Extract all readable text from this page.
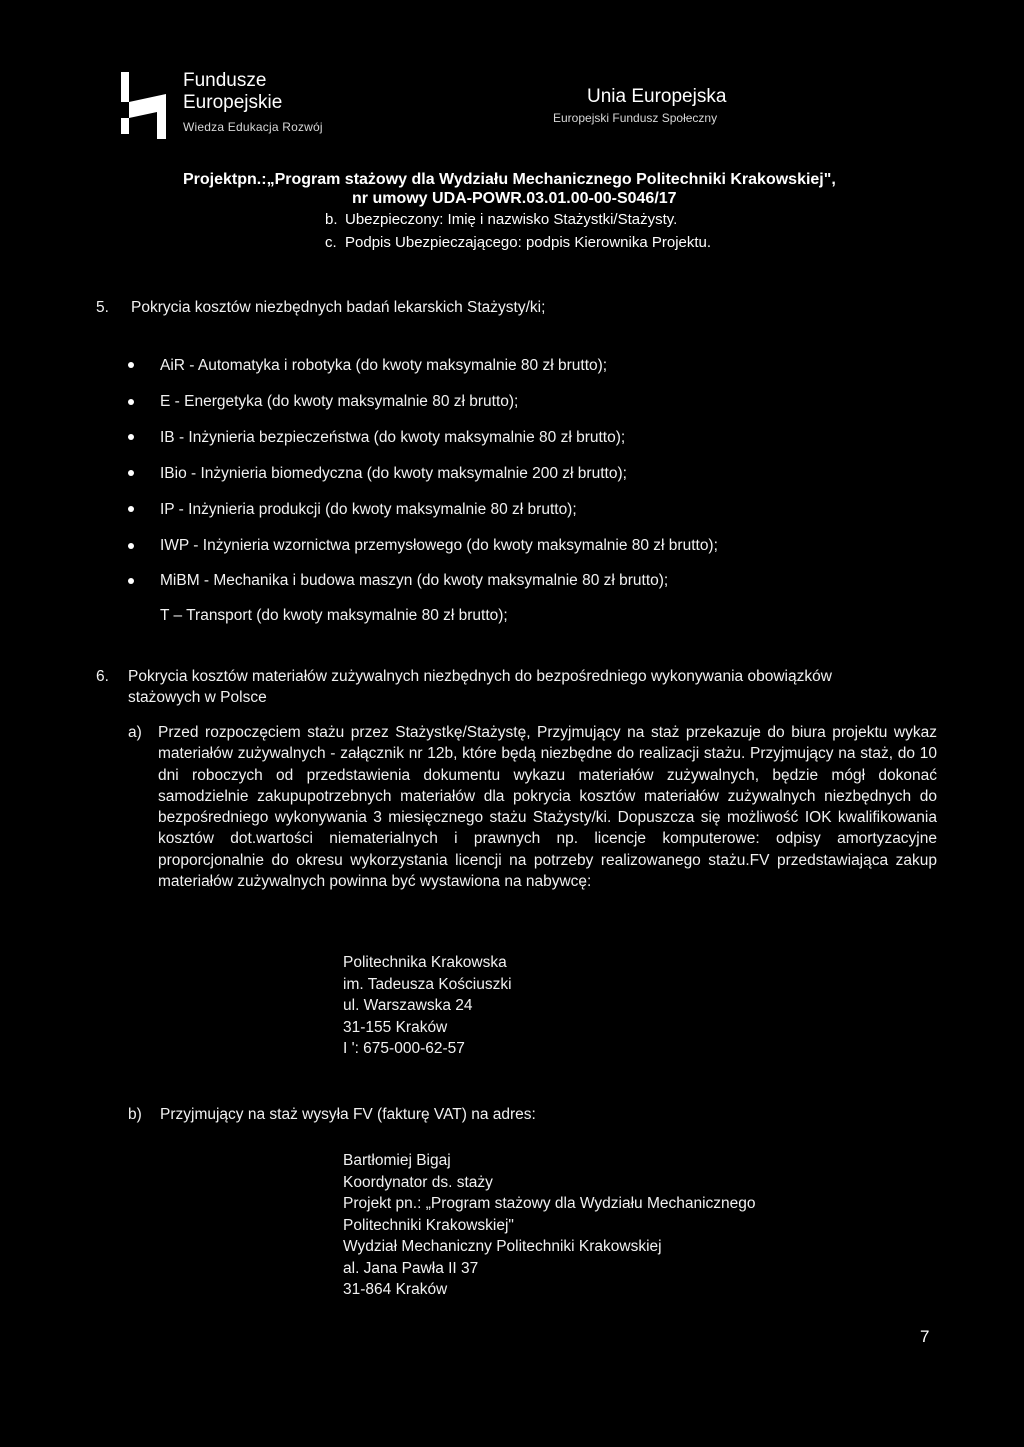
Fundusze
Europejskie
Wiedza Edukacja Rozwój
Unia Europejska
Europejski Fundusz Społeczny
Projektpn.:„Program stażowy dla Wydziału Mechanicznego Politechniki Krakowskiej",
nr umowy UDA-POWR.03.01.00-00-S046/17
b. Ubezpieczony: Imię i nazwisko Stażystki/Stażysty.
c. Podpis Ubezpieczającego: podpis Kierownika Projektu.
5. Pokrycia kosztów niezbędnych badań lekarskich Stażysty/ki;
AiR - Automatyka i robotyka (do kwoty maksymalnie 80 zł brutto);
E - Energetyka (do kwoty maksymalnie 80 zł brutto);
IB - Inżynieria bezpieczeństwa (do kwoty maksymalnie 80 zł brutto);
IBio - Inżynieria biomedyczna (do kwoty maksymalnie 200 zł brutto);
IP - Inżynieria produkcji (do kwoty maksymalnie 80 zł brutto);
IWP - Inżynieria wzornictwa przemysłowego (do kwoty maksymalnie 80 zł brutto);
MiBM - Mechanika i budowa maszyn (do kwoty maksymalnie 80 zł brutto);
T – Transport (do kwoty maksymalnie 80 zł brutto);
6. Pokrycia kosztów materiałów zużywalnych niezbędnych do bezpośredniego wykonywania obowiązków
stażowych w Polsce
a) Przed rozpoczęciem stażu przez Stażystkę/Stażystę, Przyjmujący na staż przekazuje do biura projektu wykaz materiałów zużywalnych - załącznik nr 12b, które będą niezbędne do realizacji stażu. Przyjmujący na staż, do 10 dni roboczych od przedstawienia dokumentu wykazu materiałów zużywalnych, będzie mógł dokonać samodzielnie zakupupotrzebnych materiałów dla pokrycia kosztów materiałów zużywalnych niezbędnych do bezpośredniego wykonywania 3 miesięcznego stażu Stażysty/ki. Dopuszcza się możliwość IOK kwalifikowania kosztów dot.wartości niematerialnych i prawnych np. licencje komputerowe: odpisy amortyzacyjne proporcjonalnie do okresu wykorzystania licencji na potrzeby realizowanego stażu.FV przedstawiająca zakup materiałów zużywalnych powinna być wystawiona na nabywcę:
Politechnika Krakowska
im. Tadeusza Kościuszki
ul. Warszawska 24
31-155 Kraków
I ': 675-000-62-57
b) Przyjmujący na staż wysyła FV (fakturę VAT) na adres:
Bartłomiej Bigaj
Koordynator ds. staży
Projekt pn.: „Program stażowy dla Wydziału Mechanicznego
Politechniki Krakowskiej"
Wydział Mechaniczny Politechniki Krakowskiej
al. Jana Pawła II 37
31-864 Kraków
7
